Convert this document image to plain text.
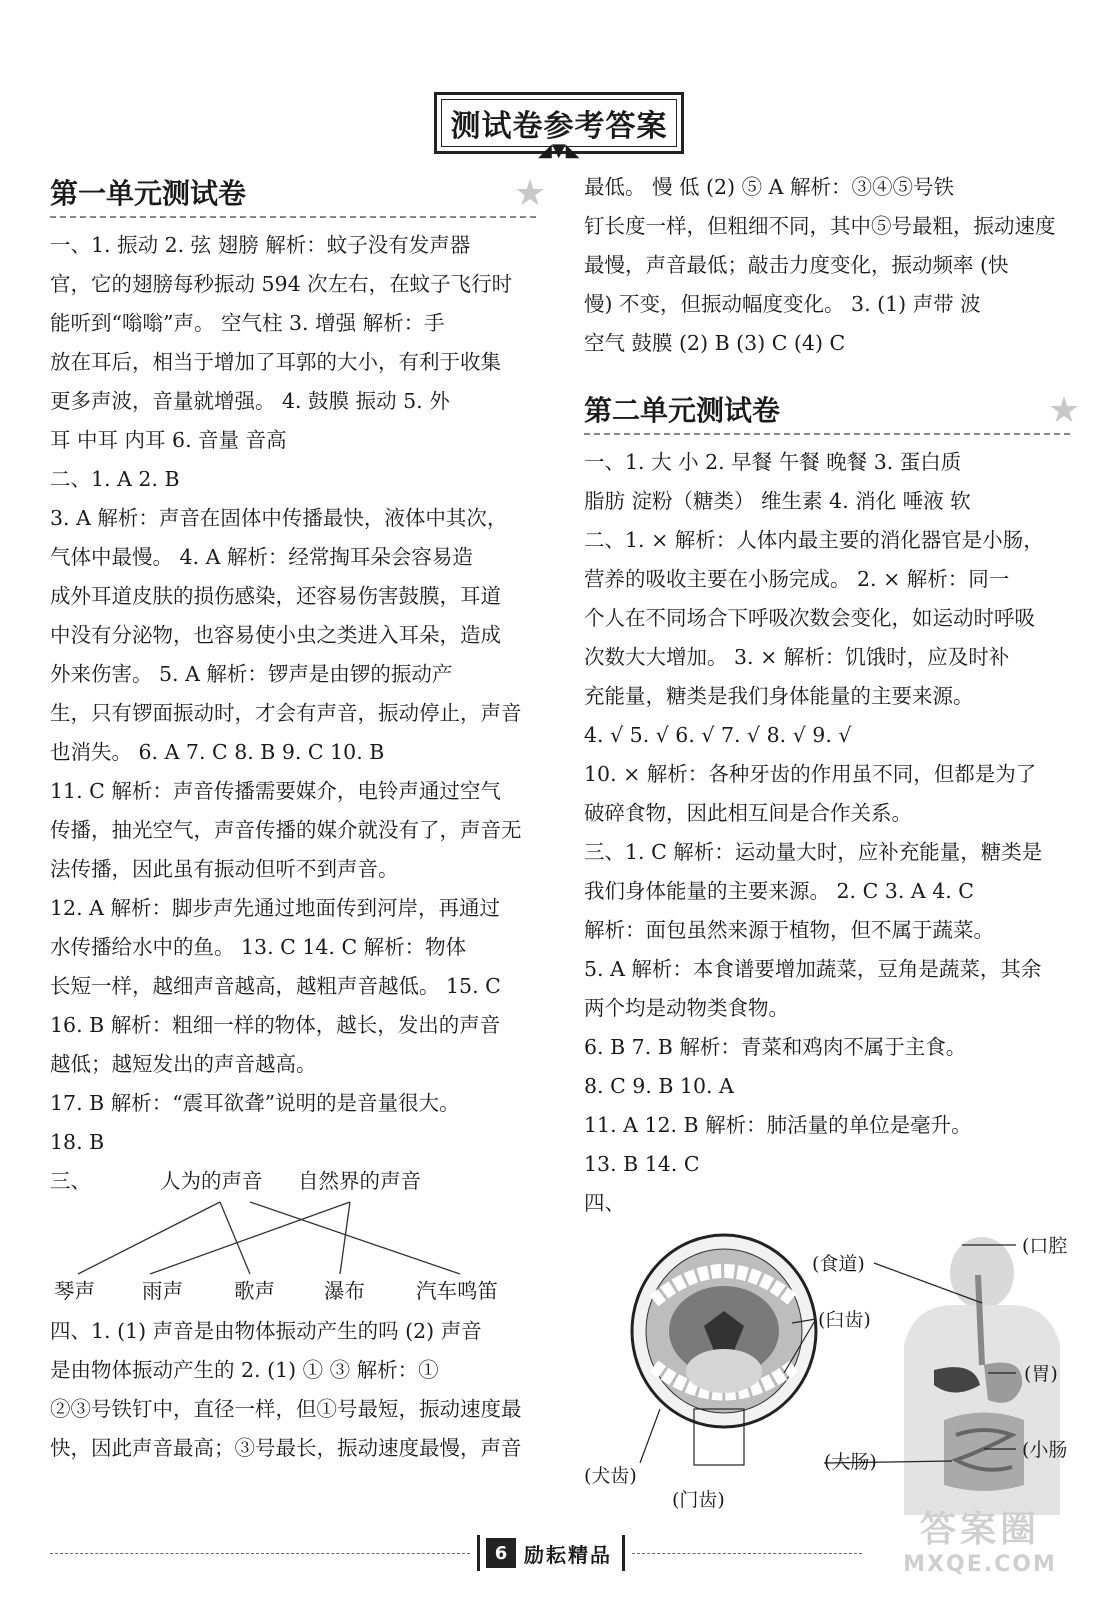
测试卷参考答案
◢▼◣
第一单元测试卷	★
一、1. 振动 2. 弦 翅膀 解析：蚊子没有发声器
官，它的翅膀每秒振动 594 次左右，在蚊子飞行时
能听到“嗡嗡”声。 空气柱 3. 增强 解析：手
放在耳后，相当于增加了耳郭的大小，有利于收集
更多声波，音量就增强。 4. 鼓膜 振动 5. 外
耳 中耳 内耳 6. 音量 音高
二、1. A 2. B
3. A 解析：声音在固体中传播最快，液体中其次，
气体中最慢。 4. A 解析：经常掏耳朵会容易造
成外耳道皮肤的损伤感染，还容易伤害鼓膜，耳道
中没有分泌物，也容易使小虫之类进入耳朵，造成
外来伤害。 5. A 解析：锣声是由锣的振动产
生，只有锣面振动时，才会有声音，振动停止，声音
也消失。 6. A 7. C 8. B 9. C 10. B
11. C 解析：声音传播需要媒介，电铃声通过空气
传播，抽光空气，声音传播的媒介就没有了，声音无
法传播，因此虽有振动但听不到声音。
12. A 解析：脚步声先通过地面传到河岸，再通过
水传播给水中的鱼。 13. C 14. C 解析：物体
长短一样，越细声音越高，越粗声音越低。 15. C
16. B 解析：粗细一样的物体，越长，发出的声音
越低；越短发出的声音越高。
17. B 解析：“震耳欲聋”说明的是音量很大。
18. B
三、	人为的声音 自然界的声音
琴声 雨声 歌声 瀑布 汽车鸣笛
四、1. (1) 声音是由物体振动产生的吗 (2) 声音
是由物体振动产生的 2. (1) ① ③ 解析：①
②③号铁钉中，直径一样，但①号最短，振动速度最
快，因此声音最高；③号最长，振动速度最慢，声音
最低。 慢 低 (2) ⑤ A 解析：③④⑤号铁
钉长度一样，但粗细不同，其中⑤号最粗，振动速度
最慢，声音最低；敲击力度变化，振动频率 (快
慢) 不变，但振动幅度变化。 3. (1) 声带 波
空气 鼓膜 (2) B (3) C (4) C
第二单元测试卷	★
一、1. 大 小 2. 早餐 午餐 晚餐 3. 蛋白质
脂肪 淀粉（糖类） 维生素 4. 消化 唾液 软
二、1. × 解析：人体内最主要的消化器官是小肠，
营养的吸收主要在小肠完成。 2. × 解析：同一
个人在不同场合下呼吸次数会变化，如运动时呼吸
次数大大增加。 3. × 解析：饥饿时，应及时补
充能量，糖类是我们身体能量的主要来源。
4. √ 5. √ 6. √ 7. √ 8. √ 9. √
10. × 解析：各种牙齿的作用虽不同，但都是为了
破碎食物，因此相互间是合作关系。
三、1. C 解析：运动量大时，应补充能量，糖类是
我们身体能量的主要来源。 2. C 3. A 4. C
解析：面包虽然来源于植物，但不属于蔬菜。
5. A 解析：本食谱要增加蔬菜，豆角是蔬菜，其余
两个均是动物类食物。
6. B 7. B 解析：青菜和鸡肉不属于主食。
8. C 9. B 10. A
11. A 12. B 解析：肺活量的单位是毫升。
13. B 14. C
四、
(臼齿)
(犬齿)
(门齿)
(口腔
(食道)
(胃)
(大肠)
(小肠
6 励耘精品
答案圈
MXQE.COM
